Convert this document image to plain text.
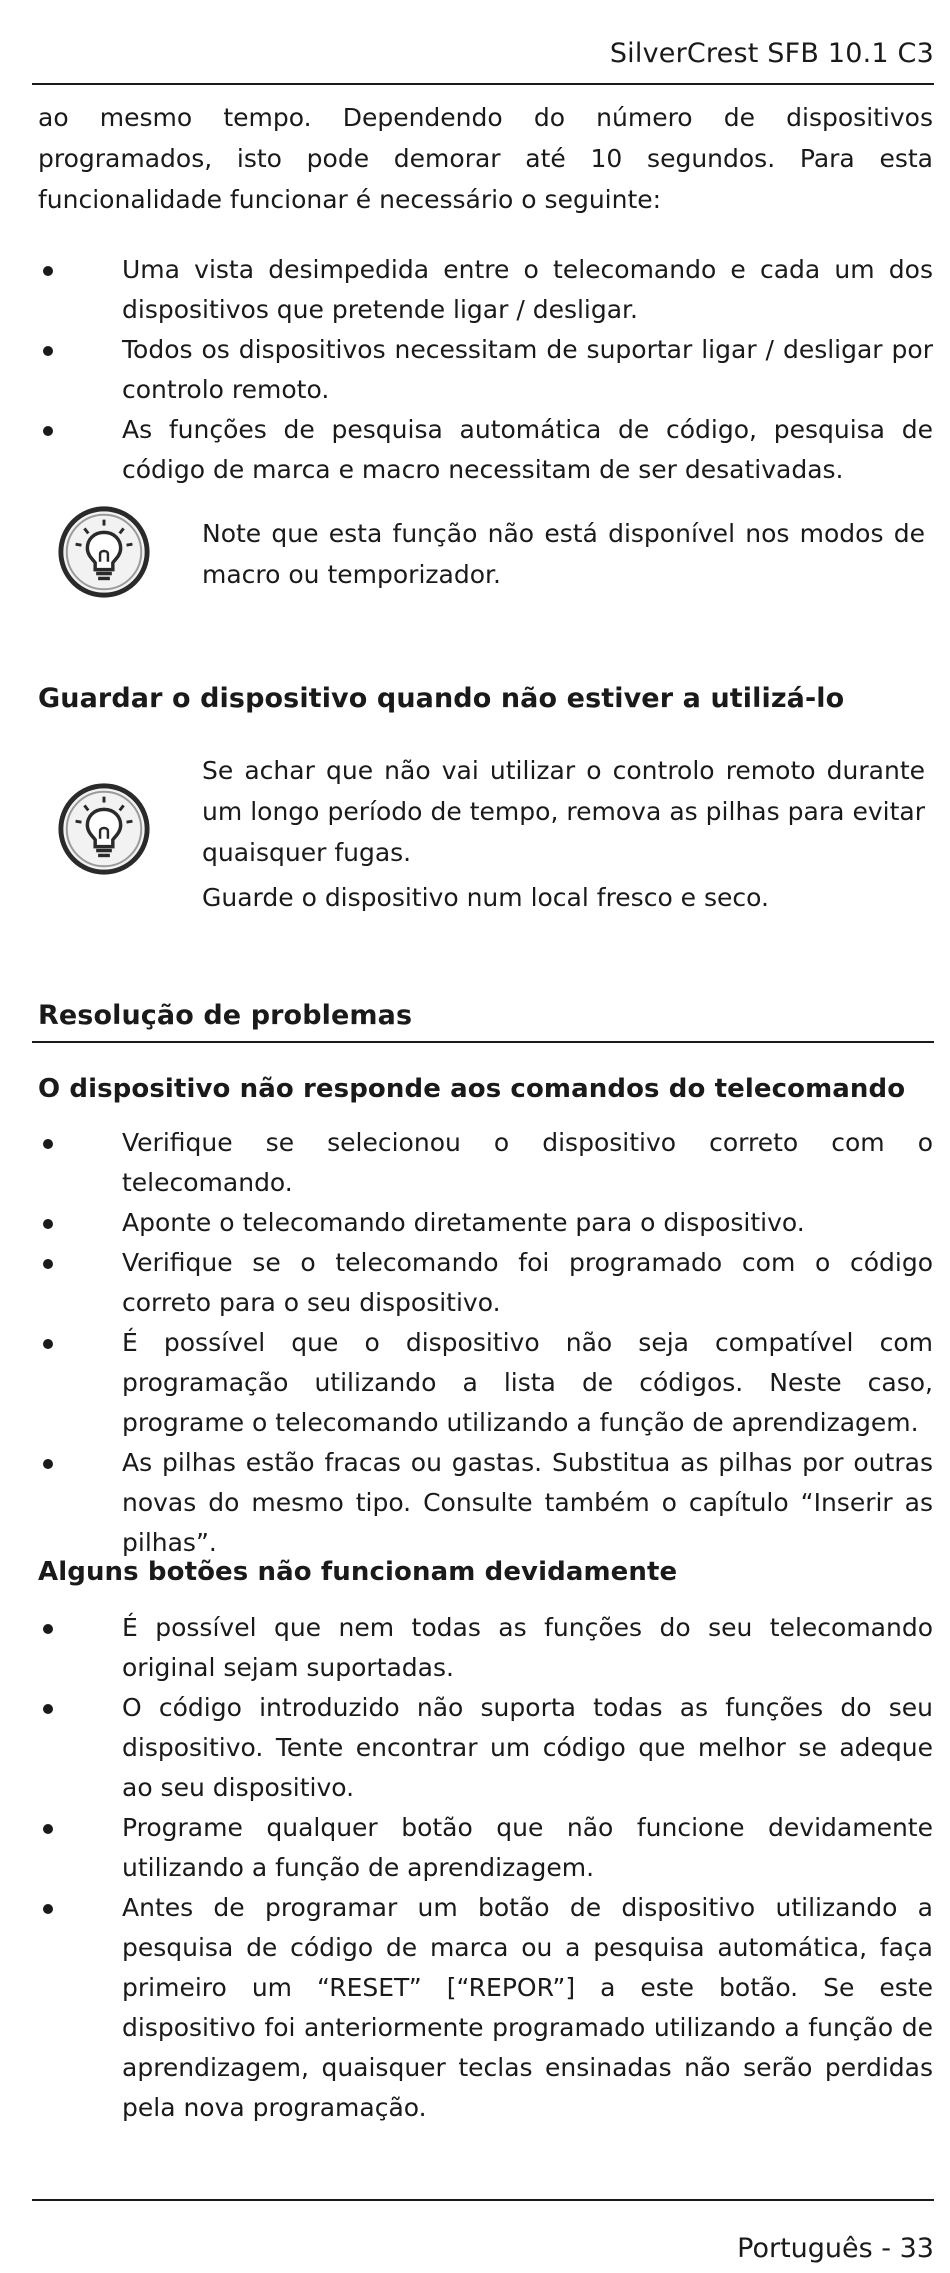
SilverCrest SFB 10.1 C3

ao mesmo tempo. Dependendo do número de dispositivos programados, isto pode demorar até 10 segundos. Para esta funcionalidade funcionar é necessário o seguinte:

Uma vista desimpedida entre o telecomando e cada um dos dispositivos que pretende ligar / desligar.
Todos os dispositivos necessitam de suportar ligar / desligar por controlo remoto.
As funções de pesquisa automática de código, pesquisa de código de marca e macro necessitam de ser desativadas.

Note que esta função não está disponível nos modos de macro ou temporizador.

Guardar o dispositivo quando não estiver a utilizá-lo

Se achar que não vai utilizar o controlo remoto durante um longo período de tempo, remova as pilhas para evitar quaisquer fugas.

Guarde o dispositivo num local fresco e seco.

Resolução de problemas
O dispositivo não responde aos comandos do telecomando
Verifique se selecionou o dispositivo correto com o telecomando.
Aponte o telecomando diretamente para o dispositivo.
Verifique se o telecomando foi programado com o código correto para o seu dispositivo.
É possível que o dispositivo não seja compatível com programação utilizando a lista de códigos. Neste caso, programe o telecomando utilizando a função de aprendizagem.
As pilhas estão fracas ou gastas. Substitua as pilhas por outras novas do mesmo tipo. Consulte também o capítulo “Inserir as pilhas”.
Alguns botões não funcionam devidamente
É possível que nem todas as funções do seu telecomando original sejam suportadas.
O código introduzido não suporta todas as funções do seu dispositivo. Tente encontrar um código que melhor se adeque ao seu dispositivo.
Programe qualquer botão que não funcione devidamente utilizando a função de aprendizagem.
Antes de programar um botão de dispositivo utilizando a pesquisa de código de marca ou a pesquisa automática, faça primeiro um “RESET” [“REPOR”] a este botão. Se este dispositivo foi anteriormente programado utilizando a função de aprendizagem, quaisquer teclas ensinadas não serão perdidas pela nova programação.
Português - 33
